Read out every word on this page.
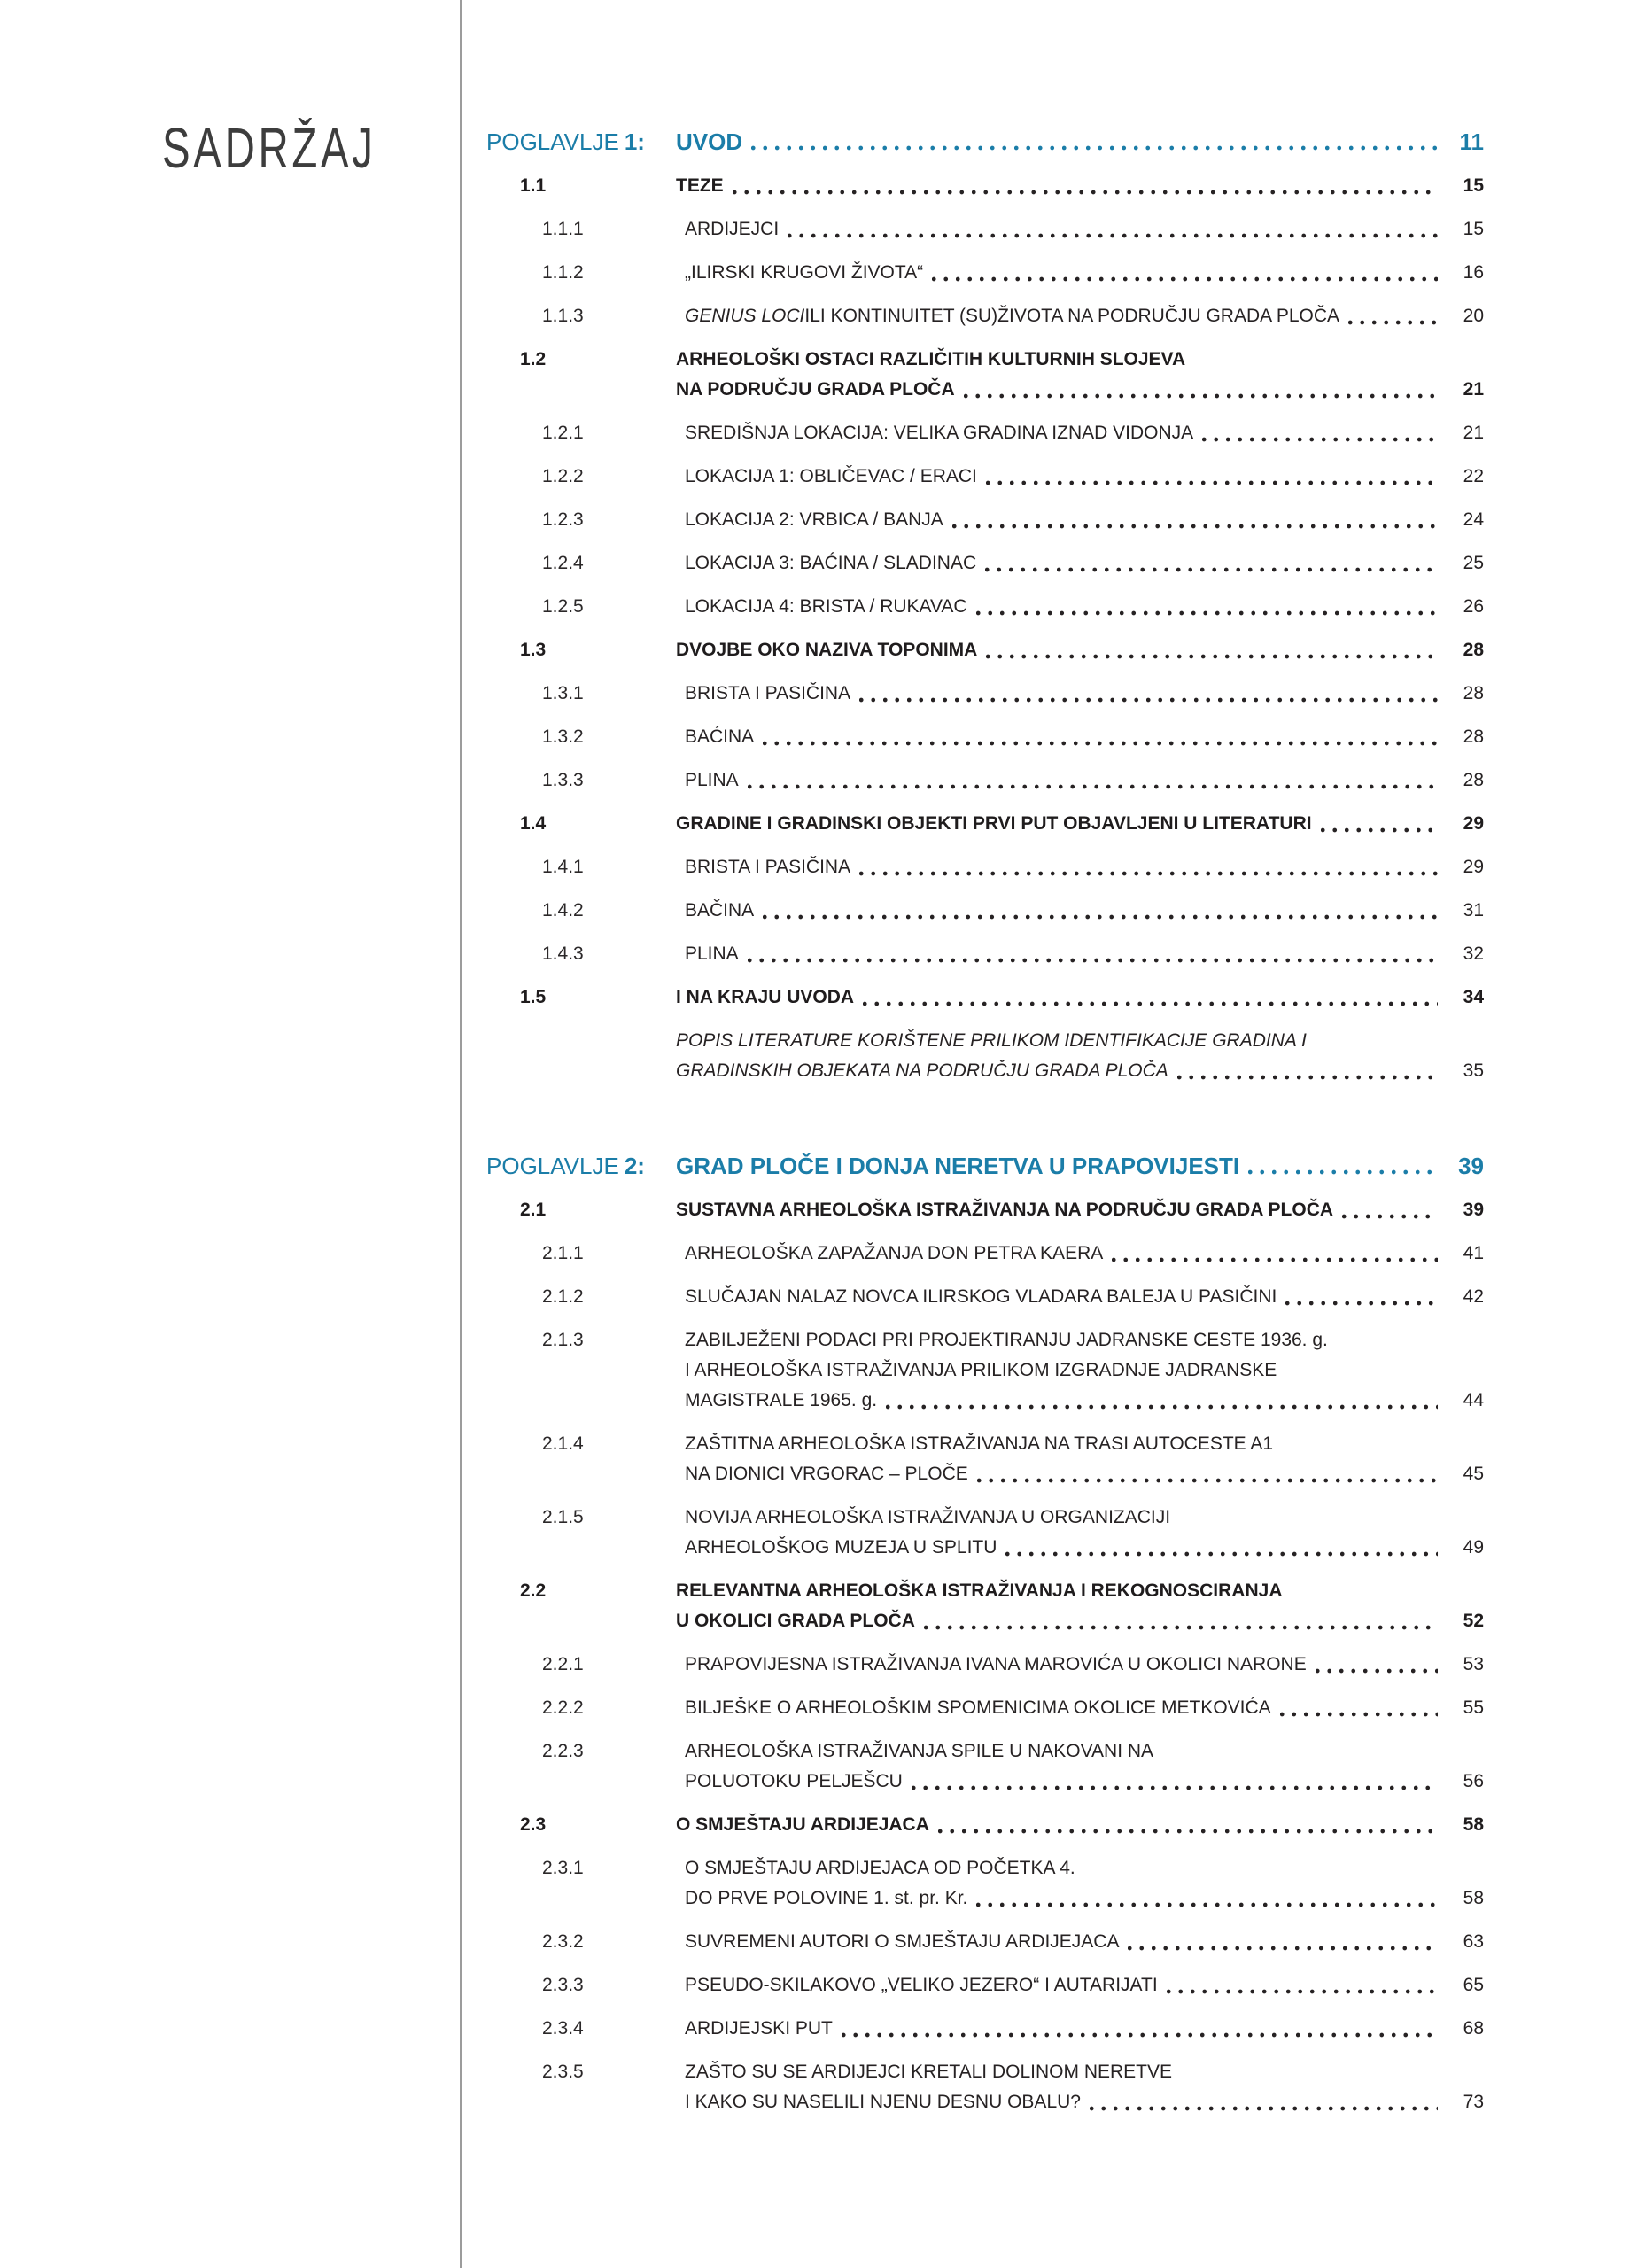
SADRŽAJ	POGLAVLJE 1:	UVOD	11
1.1	TEZE	15
1.1.1	ARDIJEJCI	15
1.1.2	„ILIRSKI KRUGOVI ŽIVOTA“	16
1.1.3	GENIUS LOCI ILI KONTINUITET (SU)ŽIVOTA NA PODRUČJU GRADA PLOČA	20
1.2	ARHEOLOŠKI OSTACI RAZLIČITIH KULTURNIH SLOJEVA
NA PODRUČJU GRADA PLOČA	21
1.2.1	SREDIŠNJA LOKACIJA: VELIKA GRADINA IZNAD VIDONJA	21
1.2.2	LOKACIJA 1: OBLIČEVAC / ERACI	22
1.2.3	LOKACIJA 2: VRBICA / BANJA	24
1.2.4	LOKACIJA 3: BAĆINA / SLADINAC	25
1.2.5	LOKACIJA 4: BRISTA / RUKAVAC	26
1.3	DVOJBE OKO NAZIVA TOPONIMA	28
1.3.1	BRISTA I PASIČINA	28
1.3.2	BAĆINA	28
1.3.3	PLINA	28
1.4	GRADINE I GRADINSKI OBJEKTI PRVI PUT OBJAVLJENI U LITERATURI	29
1.4.1	BRISTA I PASIČINA	29
1.4.2	BAČINA	31
1.4.3	PLINA	32
1.5	I NA KRAJU UVODA	34
POPIS LITERATURE KORIŠTENE PRILIKOM IDENTIFIKACIJE GRADINA I
GRADINSKIH OBJEKATA NA PODRUČJU GRADA PLOČA	35
POGLAVLJE 2:	GRAD PLOČE I DONJA NERETVA U PRAPOVIJESTI	39
2.1	SUSTAVNA ARHEOLOŠKA ISTRAŽIVANJA NA PODRUČJU GRADA PLOČA	39
2.1.1	ARHEOLOŠKA ZAPAŽANJA DON PETRA KAERA	41
2.1.2	SLUČAJAN NALAZ NOVCA ILIRSKOG VLADARA BALEJA U PASIČINI	42
2.1.3	ZABILJEŽENI PODACI PRI PROJEKTIRANJU JADRANSKE CESTE 1936. g.
I ARHEOLOŠKA ISTRAŽIVANJA PRILIKOM IZGRADNJE JADRANSKE
MAGISTRALE 1965. g.	44
2.1.4	ZAŠTITNA ARHEOLOŠKA ISTRAŽIVANJA NA TRASI AUTOCESTE A1
NA DIONICI VRGORAC – PLOČE	45
2.1.5	NOVIJA ARHEOLOŠKA ISTRAŽIVANJA U ORGANIZACIJI
ARHEOLOŠKOG MUZEJA U SPLITU	49
2.2	RELEVANTNA ARHEOLOŠKA ISTRAŽIVANJA I REKOGNOSCIRANJA
U OKOLICI GRADA PLOČA	52
2.2.1	PRAPOVIJESNA ISTRAŽIVANJA IVANA MAROVIĆA U OKOLICI NARONE	53
2.2.2	BILJEŠKE O ARHEOLOŠKIM SPOMENICIMA OKOLICE METKOVIĆA	55
2.2.3	ARHEOLOŠKA ISTRAŽIVANJA SPILE U NAKOVANI NA
POLUOTOKU PELJEŠCU	56
2.3	O SMJEŠTAJU ARDIJEJACA	58
2.3.1	O SMJEŠTAJU ARDIJEJACA OD POČETKA 4.
DO PRVE POLOVINE 1. st. pr. Kr.	58
2.3.2	SUVREMENI AUTORI O SMJEŠTAJU ARDIJEJACA	63
2.3.3	PSEUDO-SKILAKOVO „VELIKO JEZERO“ I AUTARIJATI	65
2.3.4	ARDIJEJSKI PUT	68
2.3.5	ZAŠTO SU SE ARDIJEJCI KRETALI DOLINOM NERETVE
I KAKO SU NASELILI NJENU DESNU OBALU?	73
